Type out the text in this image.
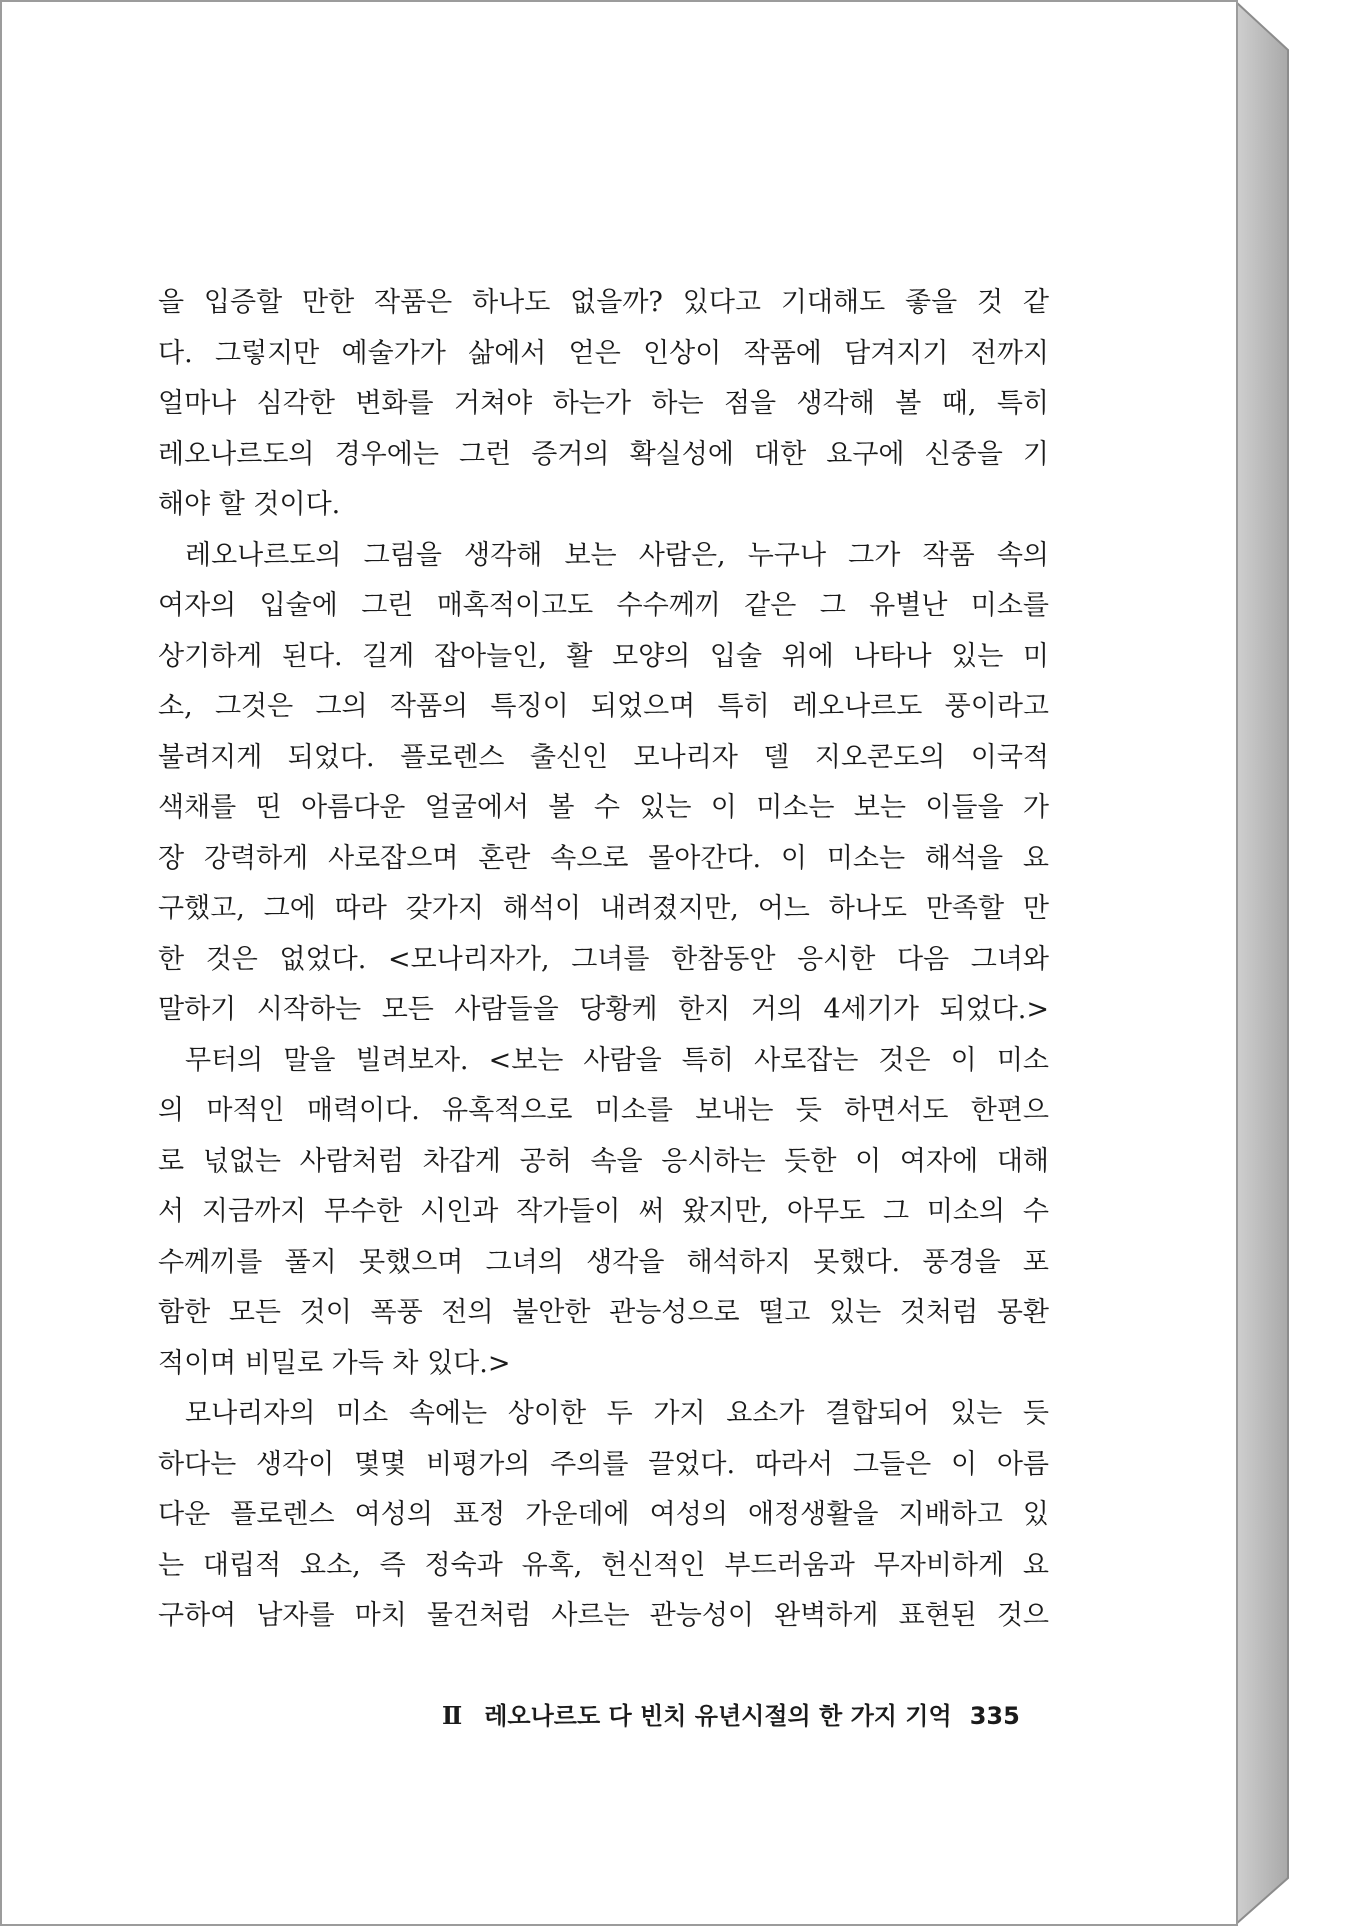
을 입증할 만한 작품은 하나도 없을까? 있다고 기대해도 좋을 것 같
다. 그렇지만 예술가가 삶에서 얻은 인상이 작품에 담겨지기 전까지
얼마나 심각한 변화를 거쳐야 하는가 하는 점을 생각해 볼 때, 특히
레오나르도의 경우에는 그런 증거의 확실성에 대한 요구에 신중을 기
해야 할 것이다.
레오나르도의 그림을 생각해 보는 사람은, 누구나 그가 작품 속의
여자의 입술에 그린 매혹적이고도 수수께끼 같은 그 유별난 미소를
상기하게 된다. 길게 잡아늘인, 활 모양의 입술 위에 나타나 있는 미
소, 그것은 그의 작품의 특징이 되었으며 특히 레오나르도 풍이라고
불려지게 되었다. 플로렌스 출신인 모나리자 델 지오콘도의 이국적
색채를 띤 아름다운 얼굴에서 볼 수 있는 이 미소는 보는 이들을 가
장 강력하게 사로잡으며 혼란 속으로 몰아간다. 이 미소는 해석을 요
구했고, 그에 따라 갖가지 해석이 내려졌지만, 어느 하나도 만족할 만
한 것은 없었다. <모나리자가, 그녀를 한참동안 응시한 다음 그녀와
말하기 시작하는 모든 사람들을 당황케 한지 거의 4세기가 되었다.>
무터의 말을 빌려보자. <보는 사람을 특히 사로잡는 것은 이 미소
의 마적인 매력이다. 유혹적으로 미소를 보내는 듯 하면서도 한편으
로 넋없는 사람처럼 차갑게 공허 속을 응시하는 듯한 이 여자에 대해
서 지금까지 무수한 시인과 작가들이 써 왔지만, 아무도 그 미소의 수
수께끼를 풀지 못했으며 그녀의 생각을 해석하지 못했다. 풍경을 포
함한 모든 것이 폭풍 전의 불안한 관능성으로 떨고 있는 것처럼 몽환
적이며 비밀로 가득 차 있다.>
모나리자의 미소 속에는 상이한 두 가지 요소가 결합되어 있는 듯
하다는 생각이 몇몇 비평가의 주의를 끌었다. 따라서 그들은 이 아름
다운 플로렌스 여성의 표정 가운데에 여성의 애정생활을 지배하고 있
는 대립적 요소, 즉 정숙과 유혹, 헌신적인 부드러움과 무자비하게 요
구하여 남자를 마치 물건처럼 사르는 관능성이 완벽하게 표현된 것으
Ⅱ 레오나르도 다 빈치 유년시절의 한 가지 기억 335
